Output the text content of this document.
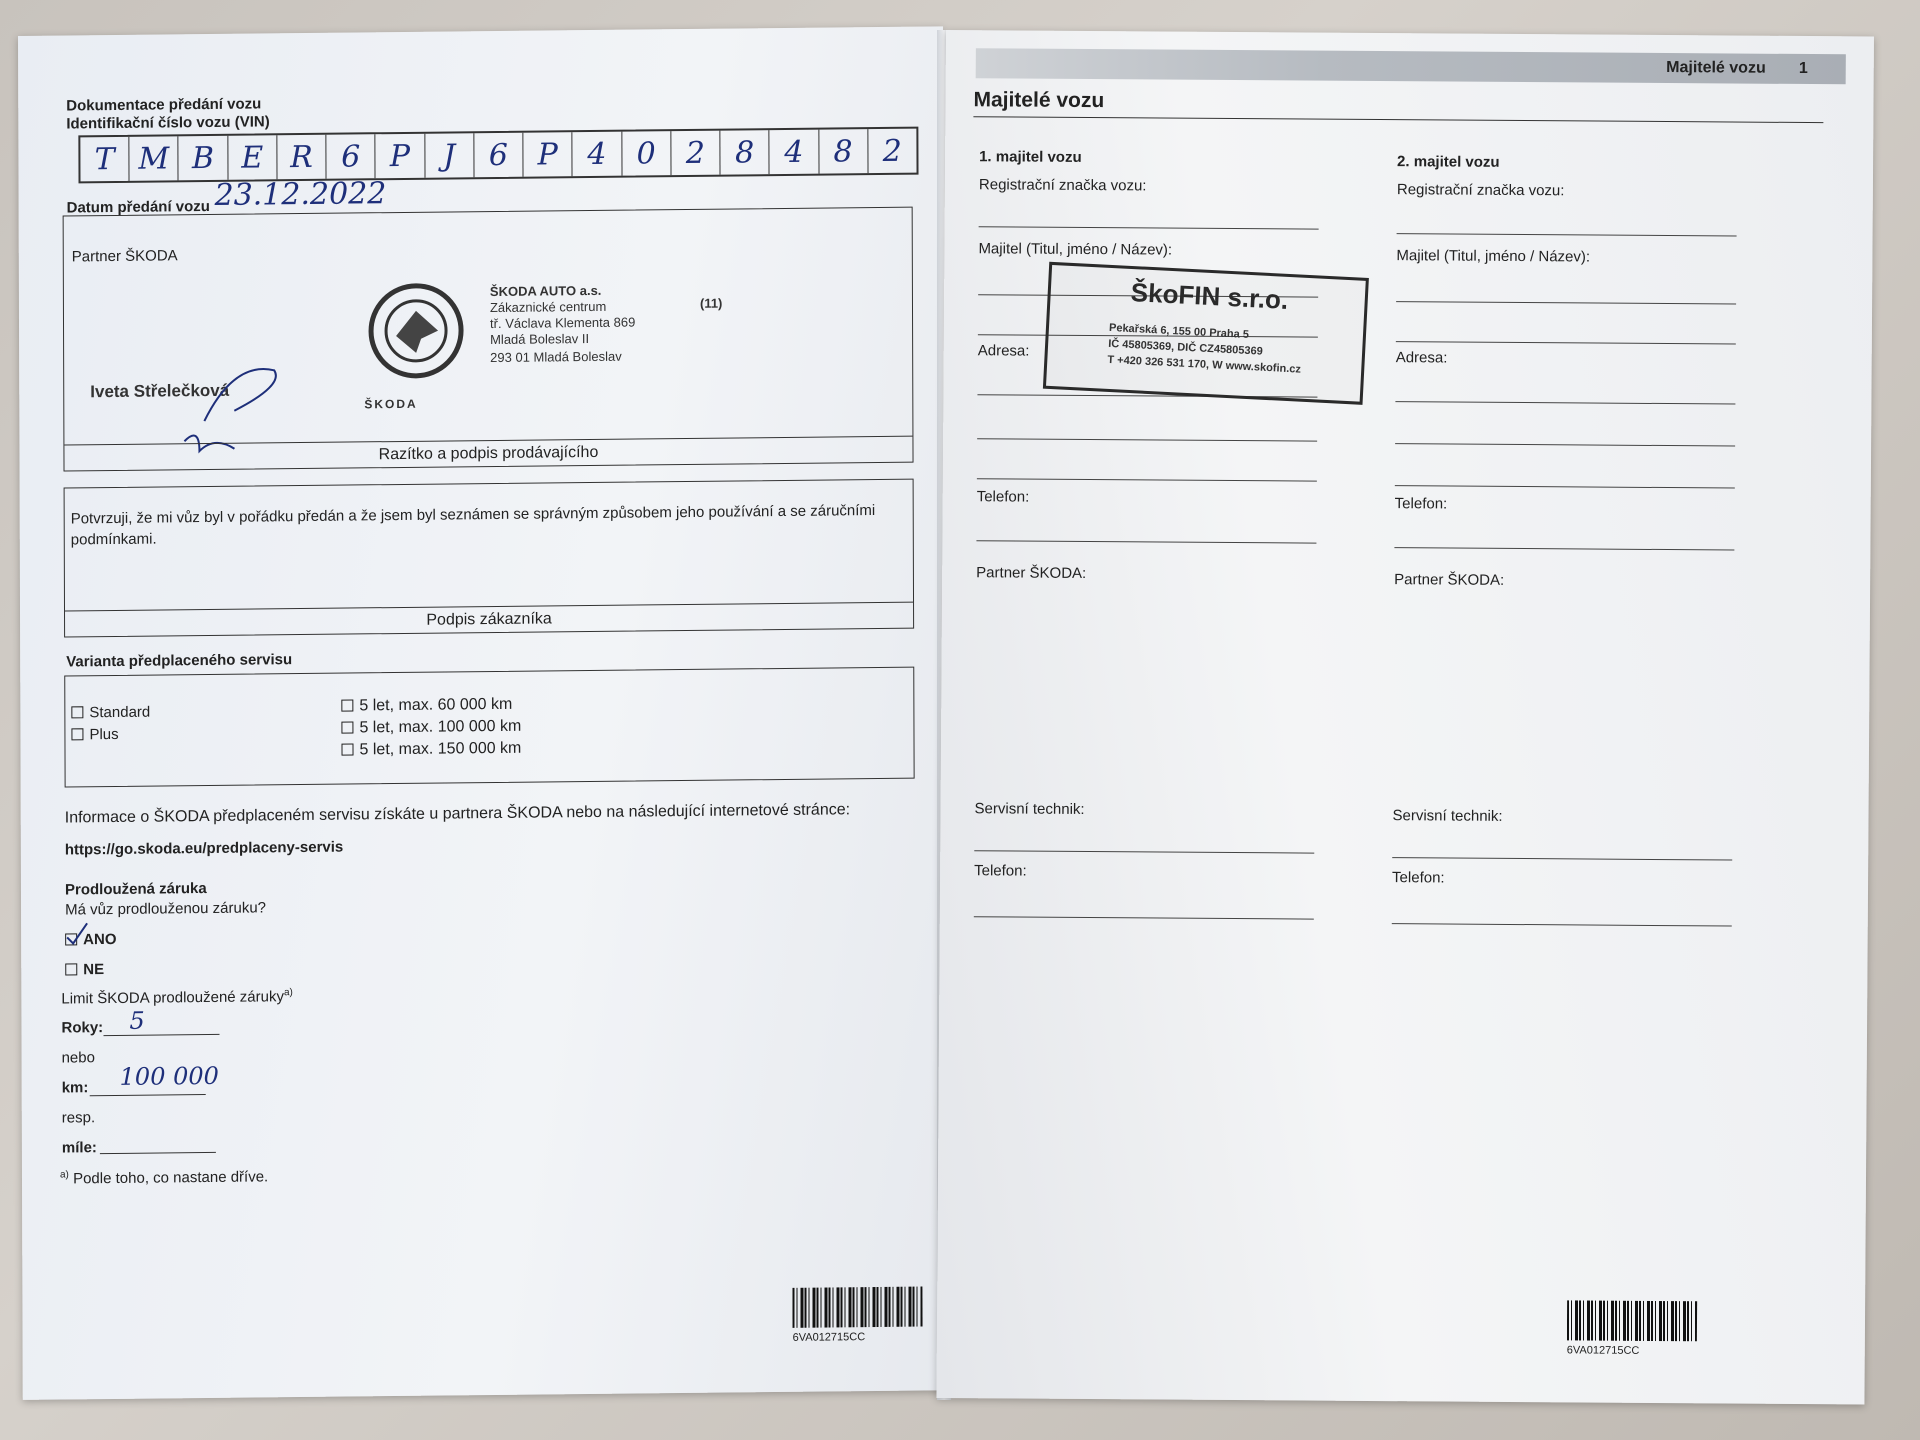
Dokumentace předání vozu
Identifikační číslo vozu (VIN)
T M B E R 6 P	J	6 P 4	0	2	8	4	8	2
Datum předání vozu 23.12.2022
Partner ŠKODA
Iveta Střelečková
ŠKODA
ŠKODA AUTO a.s.
Zákaznické centrum
tř. Václava Klementa 869
Mladá Boleslav II
293 01 Mladá Boleslav
(11)
Razítko a podpis prodávajícího
Potvrzuji, že mi vůz byl v pořádku předán a že jsem byl seznámen se správným způsobem jeho používání a se záručními podmínkami.
Podpis zákazníka
Varianta předplaceného servisu
Standard
Plus
5 let, max. 60 000 km
5 let, max. 100 000 km
5 let, max. 150 000 km
Informace o ŠKODA předplaceném servisu získáte u partnera ŠKODA nebo na následující internetové stránce:
https://go.skoda.eu/predplaceny-servis
Prodloužená záruka
Má vůz prodlouženou záruku?
ANO
NE
Limit ŠKODA prodloužené záruky$^{a)}$
Roky: 5
nebo
km: 100 000
resp.
míle:
$^{a)}$ Podle toho, co nastane dříve.
6VA012715CC
Majitelé vozu 1
Majitelé vozu
1. majitel vozu
Registrační značka vozu:
Majitel (Titul, jméno / Název):
Adresa:
Telefon:
Partner ŠKODA:
Servisní technik:
Telefon:
2. majitel vozu
Registrační značka vozu:
Majitel (Titul, jméno / Název):
Adresa:
Telefon:
Partner ŠKODA:
Servisní technik:
Telefon:
ŠkoFIN s.r.o.
Pekařská 6, 155 00 Praha 5
IČ 45805369, DIČ CZ45805369
T +420 326 531 170, W www.skofin.cz
6VA012715CC
